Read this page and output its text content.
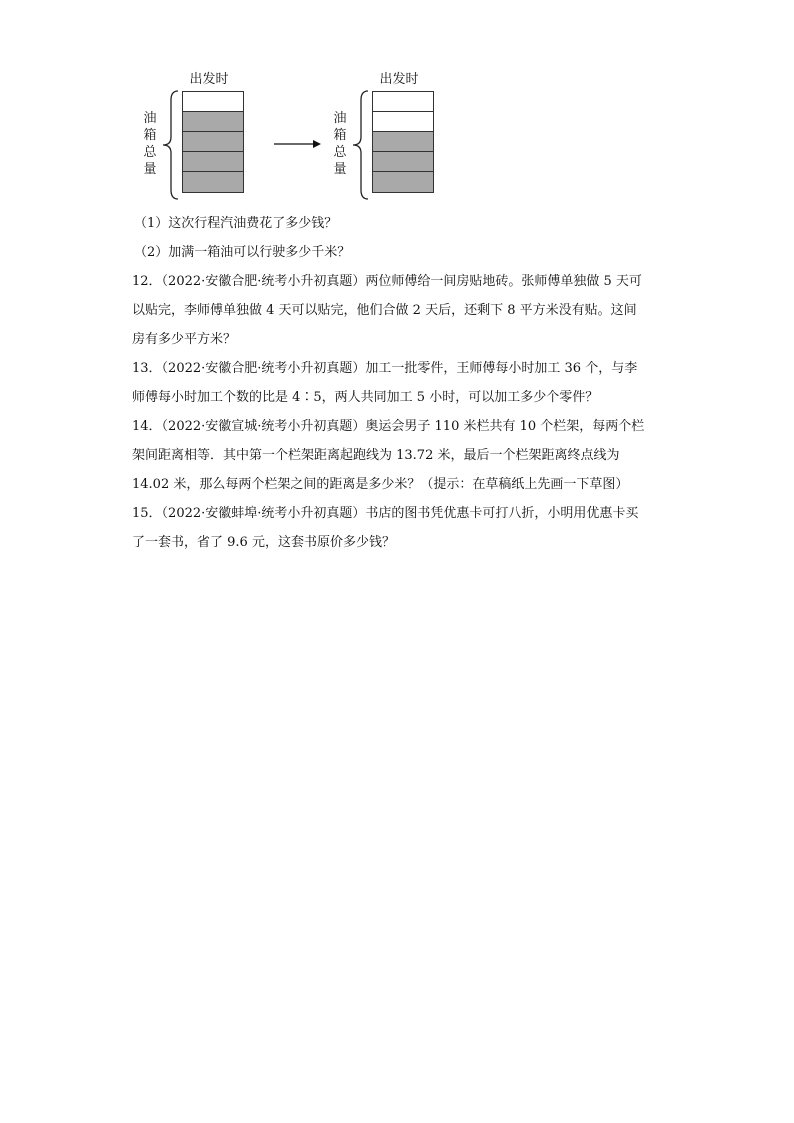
出发时
油
箱
总
量
出发时
油
箱
总
量

（1）这次行程汽油费花了多少钱？

（2）加满一箱油可以行驶多少千米？

12．（2022·安徽合肥·统考小升初真题）两位师傅给一间房贴地砖。张师傅单独做 5 天可

以贴完，李师傅单独做 4 天可以贴完，他们合做 2 天后，还剩下 8 平方米没有贴。这间

房有多少平方米？

13．（2022·安徽合肥·统考小升初真题）加工一批零件，王师傅每小时加工 36 个，与李

师傅每小时加工个数的比是 4∶5，两人共同加工 5 小时，可以加工多少个零件？

14．（2022·安徽宣城·统考小升初真题）奥运会男子 110 米栏共有 10 个栏架，每两个栏

架间距离相等．其中第一个栏架距离起跑线为 13.72 米，最后一个栏架距离终点线为

14.02 米，那么每两个栏架之间的距离是多少米？（提示：在草稿纸上先画一下草图）

15．（2022·安徽蚌埠·统考小升初真题）书店的图书凭优惠卡可打八折，小明用优惠卡买

了一套书，省了 9.6 元，这套书原价多少钱？
